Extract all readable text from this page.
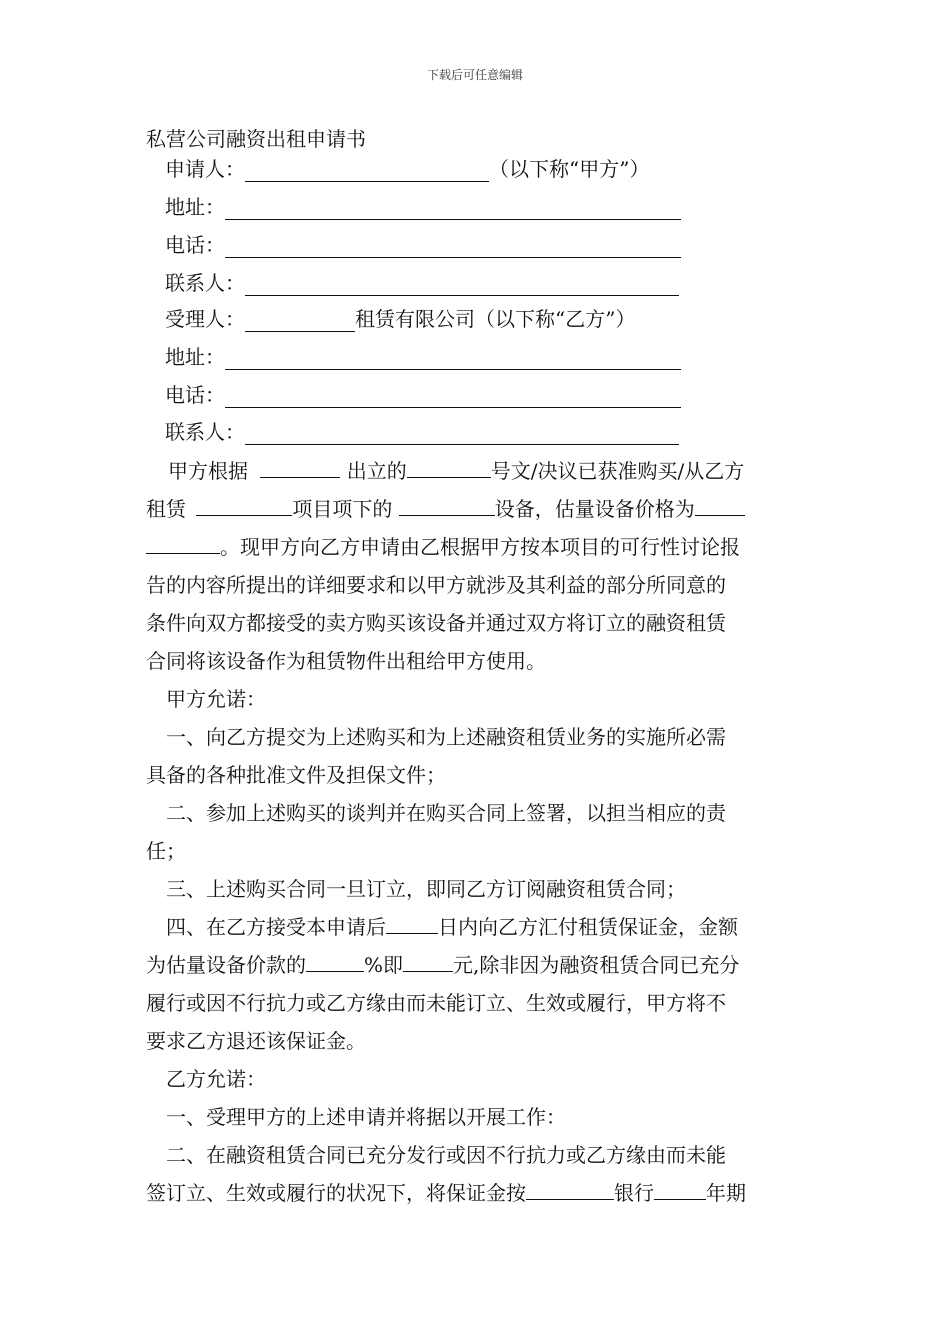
下载后可任意编辑
私营公司融资出租申请书
申请人：	（以下称“甲方”）
地址：
电话：
联系人：
受理人：	租赁有限公司（以下称“乙方”）
地址：
电话：
联系人：

甲方根据	出立的	号文/决议已获准购买/从乙方

租赁	项目项下的	设备，估量设备价格为

。现甲方向乙方申请由乙根据甲方按本项目的可行性讨论报

告的内容所提出的详细要求和以甲方就涉及其利益的部分所同意的

条件向双方都接受的卖方购买该设备并通过双方将订立的融资租赁

合同将该设备作为租赁物件出租给甲方使用。

甲方允诺：

一、向乙方提交为上述购买和为上述融资租赁业务的实施所必需

具备的各种批准文件及担保文件；

二、参加上述购买的谈判并在购买合同上签署，以担当相应的责

任；

三、上述购买合同一旦订立，即同乙方订阅融资租赁合同；

四、在乙方接受本申请后	日内向乙方汇付租赁保证金，金额

为估量设备价款的	%即	元,除非因为融资租赁合同已充分

履行或因不行抗力或乙方缘由而未能订立、生效或履行，甲方将不

要求乙方退还该保证金。

乙方允诺：

一、受理甲方的上述申请并将据以开展工作：

二、在融资租赁合同已充分发行或因不行抗力或乙方缘由而未能

签订立、生效或履行的状况下，将保证金按	银行	年期
